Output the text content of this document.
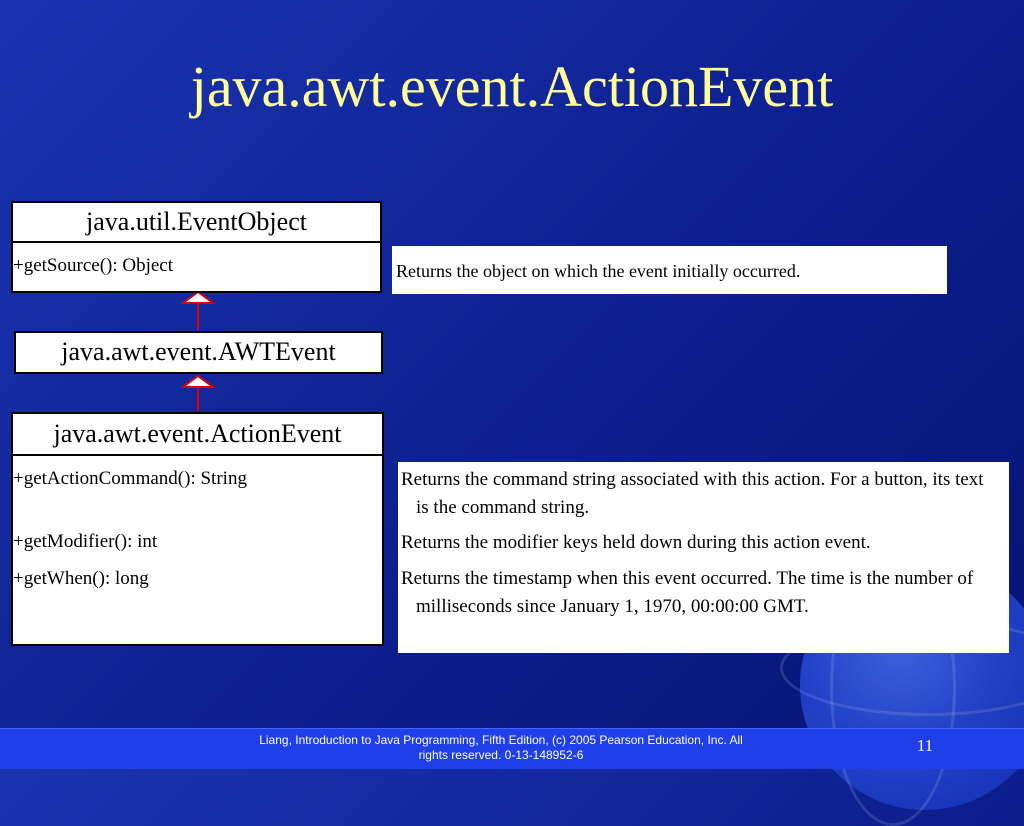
java.awt.event.ActionEvent
java.util.EventObject
+getSource(): Object
java.awt.event.AWTEvent
java.awt.event.ActionEvent
+getActionCommand(): String
+getModifier(): int
+getWhen(): long

Returns the object on which the event initially occurred.

Returns the command string associated with this action. For a button, its text is the command string.

Returns the modifier keys held down during this action event.

Returns the timestamp when this event occurred. The time is the number of milliseconds since January 1, 1970, 00:00:00 GMT.

Liang, Introduction to Java Programming, Fifth Edition, (c) 2005 Pearson Education, Inc. All
rights reserved. 0-13-148952-6	11
